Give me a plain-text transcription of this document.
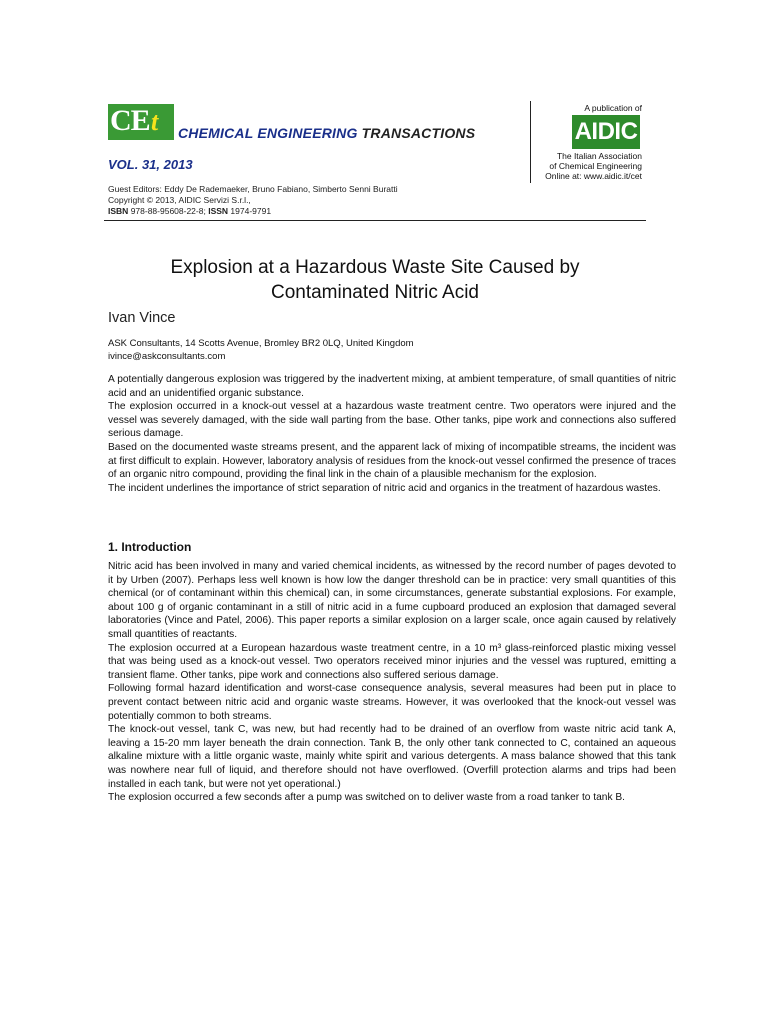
CE t CHEMICAL ENGINEERING TRANSACTIONS
VOL. 31, 2013
Guest Editors: Eddy De Rademaeker, Bruno Fabiano, Simberto Senni Buratti
Copyright © 2013, AIDIC Servizi S.r.l.,
ISBN 978-88-95608-22-8; ISSN 1974-9791
A publication of
AIDIC
The Italian Association
of Chemical Engineering
Online at: www.aidic.it/cet
Explosion at a Hazardous Waste Site Caused by
Contaminated Nitric Acid
Ivan Vince
ASK Consultants, 14 Scotts Avenue, Bromley BR2 0LQ, United Kingdom
ivince@askconsultants.com
A potentially dangerous explosion was triggered by the inadvertent mixing, at ambient temperature, of small quantities of nitric acid and an unidentified organic substance.
The explosion occurred in a knock-out vessel at a hazardous waste treatment centre. Two operators were injured and the vessel was severely damaged, with the side wall parting from the base. Other tanks, pipe work and connections also suffered serious damage.
Based on the documented waste streams present, and the apparent lack of mixing of incompatible streams, the incident was at first difficult to explain. However, laboratory analysis of residues from the knock-out vessel confirmed the presence of traces of an organic nitro compound, providing the final link in the chain of a plausible mechanism for the explosion.
The incident underlines the importance of strict separation of nitric acid and organics in the treatment of hazardous wastes.
1. Introduction
Nitric acid has been involved in many and varied chemical incidents, as witnessed by the record number of pages devoted to it by Urben (2007). Perhaps less well known is how low the danger threshold can be in practice: very small quantities of this chemical (or of contaminant within this chemical) can, in some circumstances, generate substantial explosions. For example, about 100 g of organic contaminant in a still of nitric acid in a fume cupboard produced an explosion that damaged several laboratories (Vince and Patel, 2006). This paper reports a similar explosion on a larger scale, once again caused by relatively small quantities of reactants.
The explosion occurred at a European hazardous waste treatment centre, in a 10 m³ glass-reinforced plastic mixing vessel that was being used as a knock-out vessel. Two operators received minor injuries and the vessel was ruptured, emitting a transient flame. Other tanks, pipe work and connections also suffered serious damage.
Following formal hazard identification and worst-case consequence analysis, several measures had been put in place to prevent contact between nitric acid and organic waste streams. However, it was overlooked that the knock-out vessel was potentially common to both streams.
The knock-out vessel, tank C, was new, but had recently had to be drained of an overflow from waste nitric acid tank A, leaving a 15-20 mm layer beneath the drain connection. Tank B, the only other tank connected to C, contained an aqueous alkaline mixture with a little organic waste, mainly white spirit and various detergents. A mass balance showed that this tank was nowhere near full of liquid, and therefore should not have overflowed. (Overfill protection alarms and trips had been installed in each tank, but were not yet operational.)
The explosion occurred a few seconds after a pump was switched on to deliver waste from a road tanker to tank B.
